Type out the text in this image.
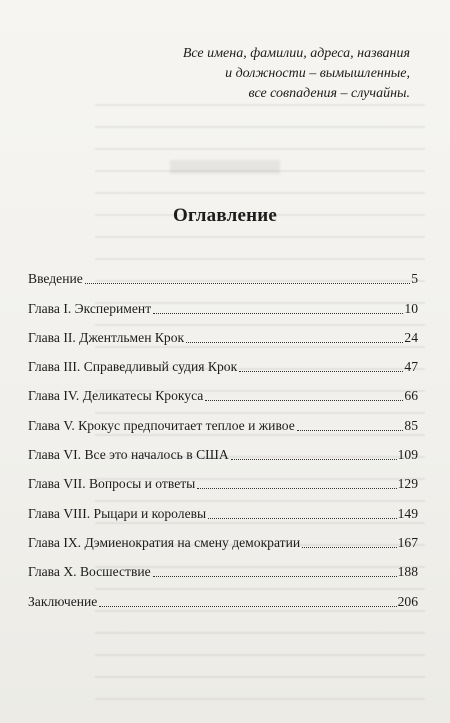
Все имена, фамилии, адреса, названия
и должности – вымышленные,
все совпадения – случайны.
Оглавление
Введение	5
Глава I. Эксперимент	10
Глава II. Джентльмен Крок	24
Глава III. Справедливый судия Крок	47
Глава IV. Деликатесы Крокуса	66
Глава V. Крокус предпочитает теплое и живое	85
Глава VI. Все это началось в США	109
Глава VII. Вопросы и ответы	129
Глава VIII. Рыцари и королевы	149
Глава IX. Дэмиенократия на смену демократии	167
Глава X. Восшествие	188
Заключение	206
